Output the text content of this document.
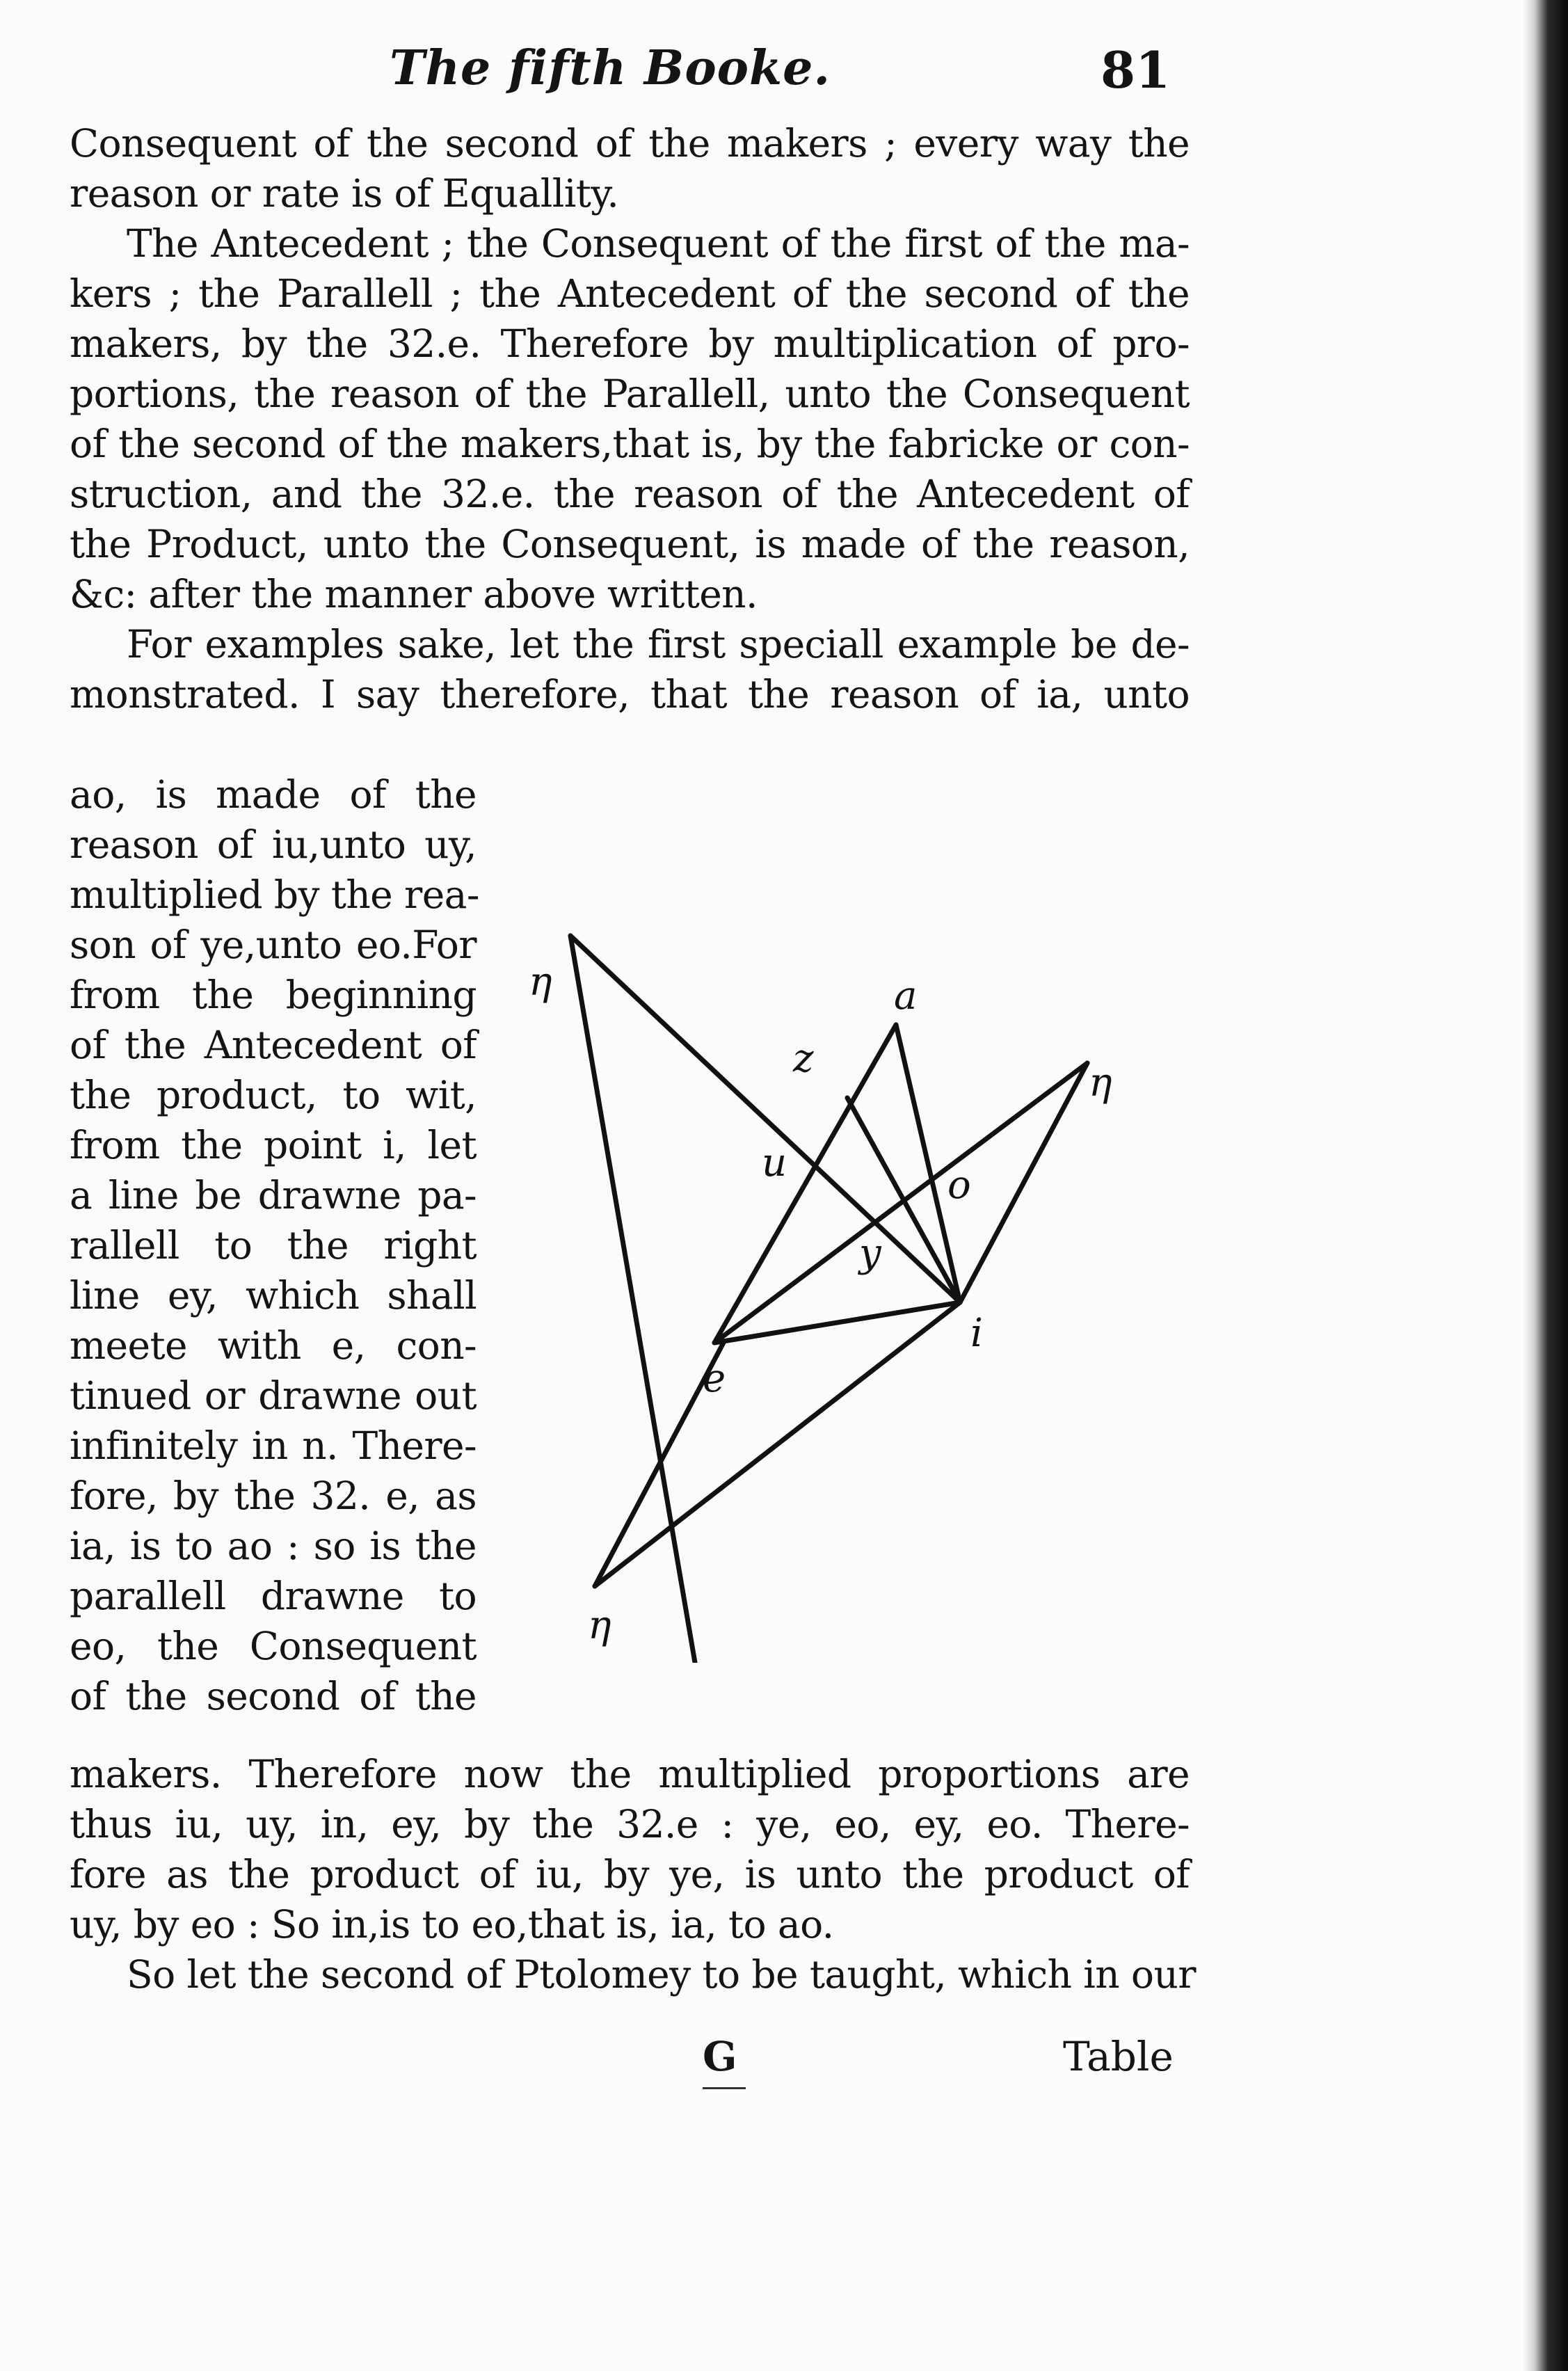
The fifth Booke.	81
Consequent of the second of the makers ; every way the
reason or rate is of Equallity.
The Antecedent ; the Consequent of the first of the ma-
kers ; the Parallell ; the Antecedent of the second of the
makers, by the 32.e. Therefore by multiplication of pro-
portions, the reason of the Parallell, unto the Consequent
of the second of the makers,that is, by the fabricke or con-
struction, and the 32.e. the reason of the Antecedent of
the Product, unto the Consequent, is made of the reason,
&c: after the manner above written.
For examples sake, let the first speciall example be de-
monstrated. I say therefore, that the reason of ia, unto
ao, is made of the
reason of iu,unto uy,
multiplied by the rea-
son of ye,unto eo.For
from the beginning
of the Antecedent of
the product, to wit,
from the point i, let
a line be drawne pa-
rallell to the right
line ey, which shall
meete with e, con-
tinued or drawne out
infinitely in n. There-
fore, by the 32. e, as
ia, is to ao : so is the
parallell drawne to
eo, the Consequent
of the second of the
η	a
z
η
u	o
y
i
e
η
makers. Therefore now the multiplied proportions are
thus iu, uy, in, ey, by the 32.e : ye, eo, ey, eo. There-
fore as the product of iu, by ye, is unto the product of
uy, by eo : So in,is to eo,that is, ia, to ao.
So let the second of Ptolomey to be taught, which in our
G	Table
